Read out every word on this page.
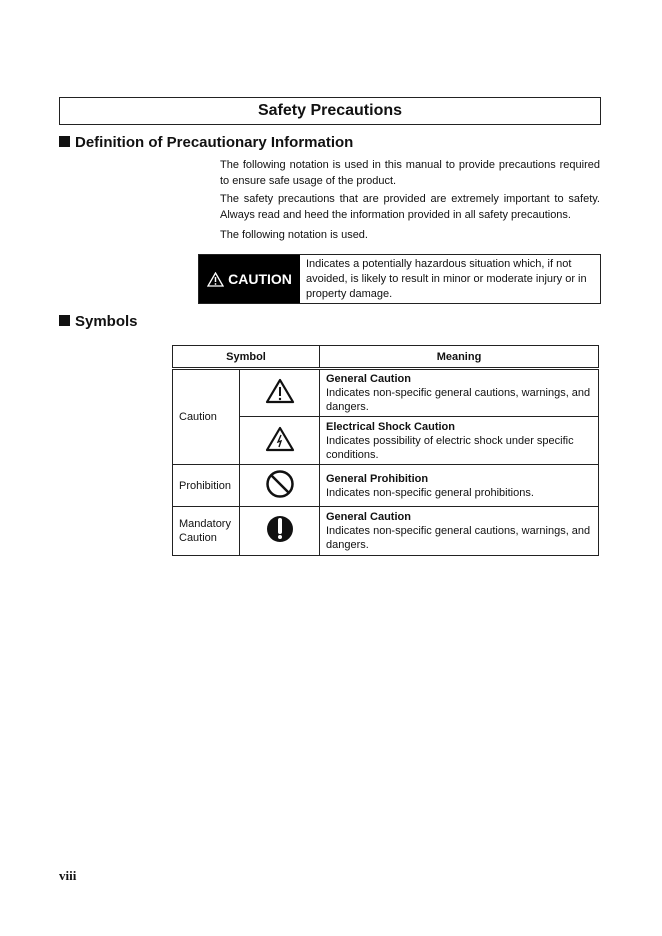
Safety Precautions
Definition of Precautionary Information
The following notation is used in this manual to provide precautions required to ensure safe usage of the product.
The safety precautions that are provided are extremely important to safety. Always read and heed the information provided in all safety precautions.
The following notation is used.
CAUTION
Indicates a potentially hazardous situation which, if not avoided, is likely to result in minor or moderate injury or in property damage.
Symbols
Symbol		Meaning
Caution		General Caution
Indicates non-specific general cautions, warnings, and dangers.

Electrical Shock Caution
Indicates possibility of electric shock under specific conditions.
Prohibition		General Prohibition
Indicates non-specific general prohibitions.
Mandatory Caution		General Caution
Indicates non-specific general cautions, warnings, and dangers.
viii
